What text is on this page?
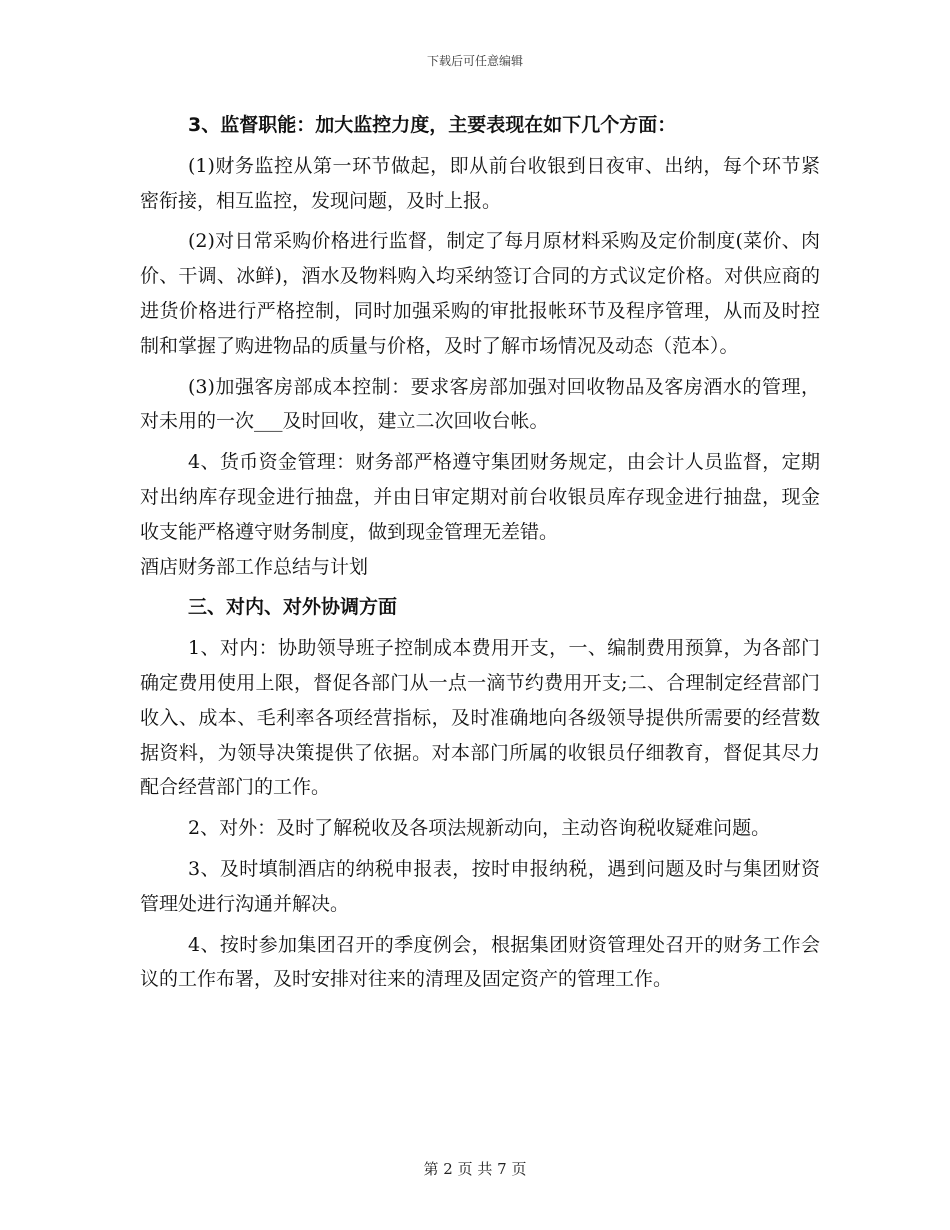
下载后可任意编辑

3、监督职能：加大监控力度，主要表现在如下几个方面：

(1)财务监控从第一环节做起，即从前台收银到日夜审、出纳，每个环节紧密衔接，相互监控，发现问题，及时上报。

(2)对日常采购价格进行监督，制定了每月原材料采购及定价制度(菜价、肉价、干调、冰鲜)，酒水及物料购入均采纳签订合同的方式议定价格。对供应商的进货价格进行严格控制，同时加强采购的审批报帐环节及程序管理，从而及时控制和掌握了购进物品的质量与价格，及时了解市场情况及动态（范本）。

(3)加强客房部成本控制：要求客房部加强对回收物品及客房酒水的管理，对未用的一次___及时回收，建立二次回收台帐。

4、货币资金管理：财务部严格遵守集团财务规定，由会计人员监督，定期对出纳库存现金进行抽盘，并由日审定期对前台收银员库存现金进行抽盘，现金收支能严格遵守财务制度，做到现金管理无差错。

酒店财务部工作总结与计划

三、对内、对外协调方面

1、对内：协助领导班子控制成本费用开支，一、编制费用预算，为各部门确定费用使用上限，督促各部门从一点一滴节约费用开支;二、合理制定经营部门收入、成本、毛利率各项经营指标，及时准确地向各级领导提供所需要的经营数据资料，为领导决策提供了依据。对本部门所属的收银员仔细教育，督促其尽力配合经营部门的工作。

2、对外：及时了解税收及各项法规新动向，主动咨询税收疑难问题。

3、及时填制酒店的纳税申报表，按时申报纳税，遇到问题及时与集团财资管理处进行沟通并解决。

4、按时参加集团召开的季度例会，根据集团财资管理处召开的财务工作会议的工作布署，及时安排对往来的清理及固定资产的管理工作。

第 2 页 共 7 页
